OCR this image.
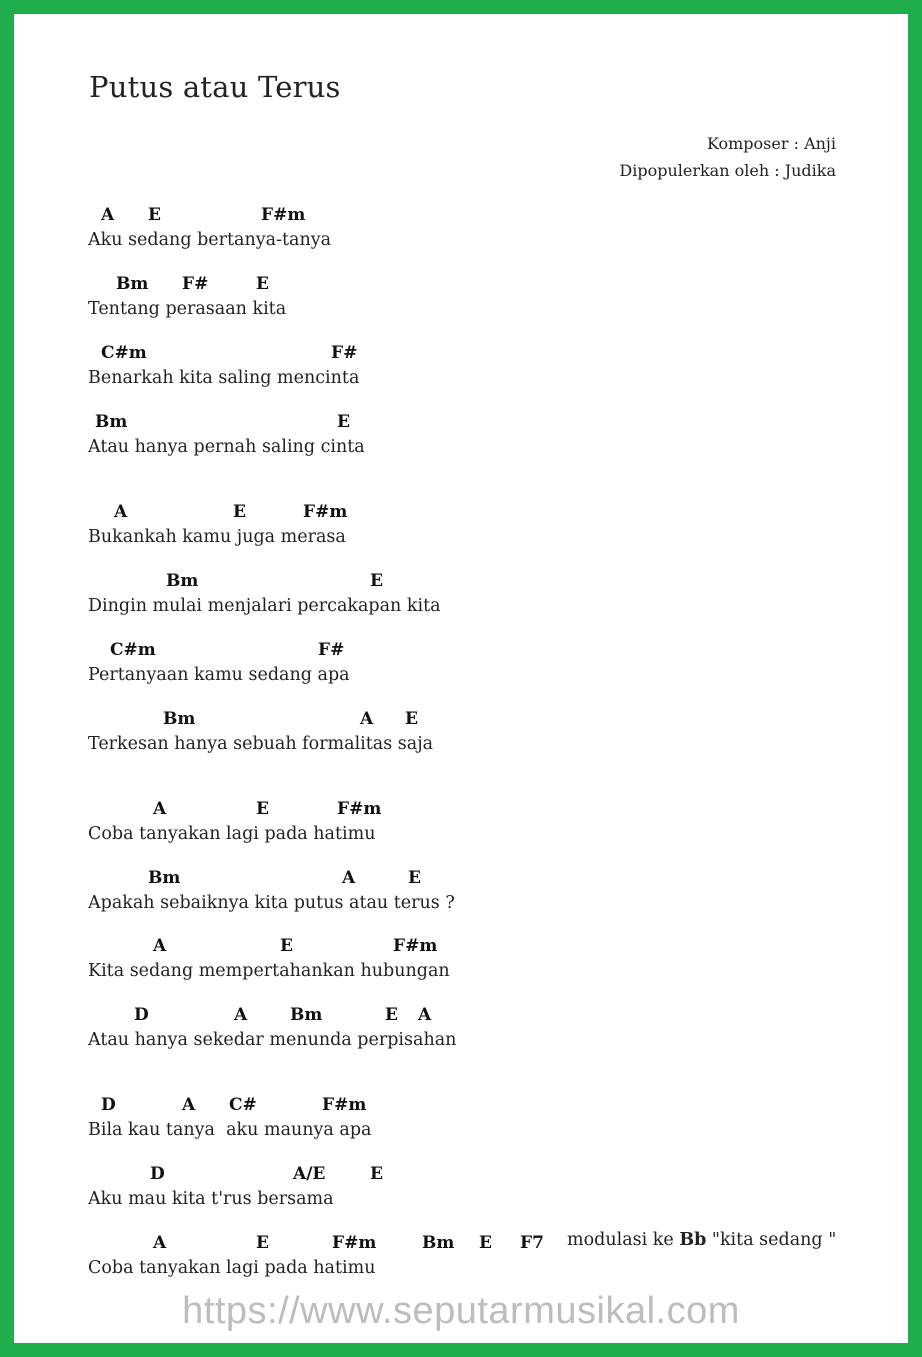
Putus atau Terus
Komposer : Anji
Dipopulerkan oleh : Judika
A E	F#m
Aku sedang bertanya-tanya
Bm F#	E
Tentang perasaan kita
C#m	F#
Benarkah kita saling mencinta
Bm	E
Atau hanya pernah saling cinta
A	E	F#m
Bukankah kamu juga merasa
Bm	E
Dingin mulai menjalari percakapan kita
C#m	F#
Pertanyaan kamu sedang apa
Bm	A E
Terkesan hanya sebuah formalitas saja
A	E	F#m
Coba tanyakan lagi pada hatimu
Bm	A	E
Apakah sebaiknya kita putus atau terus ?
A	E	F#m
Kita sedang mempertahankan hubungan
D	A	Bm	E A
Atau hanya sekedar menunda perpisahan
D	A C#	F#m
Bila kau tanya  aku maunya apa
D	A/E	E
Aku mau kita t'rus bersama
A	E	F#m	Bm E F7 modulasi ke Bb "kita sedang "
Coba tanyakan lagi pada hatimu
https://www.seputarmusikal.com
